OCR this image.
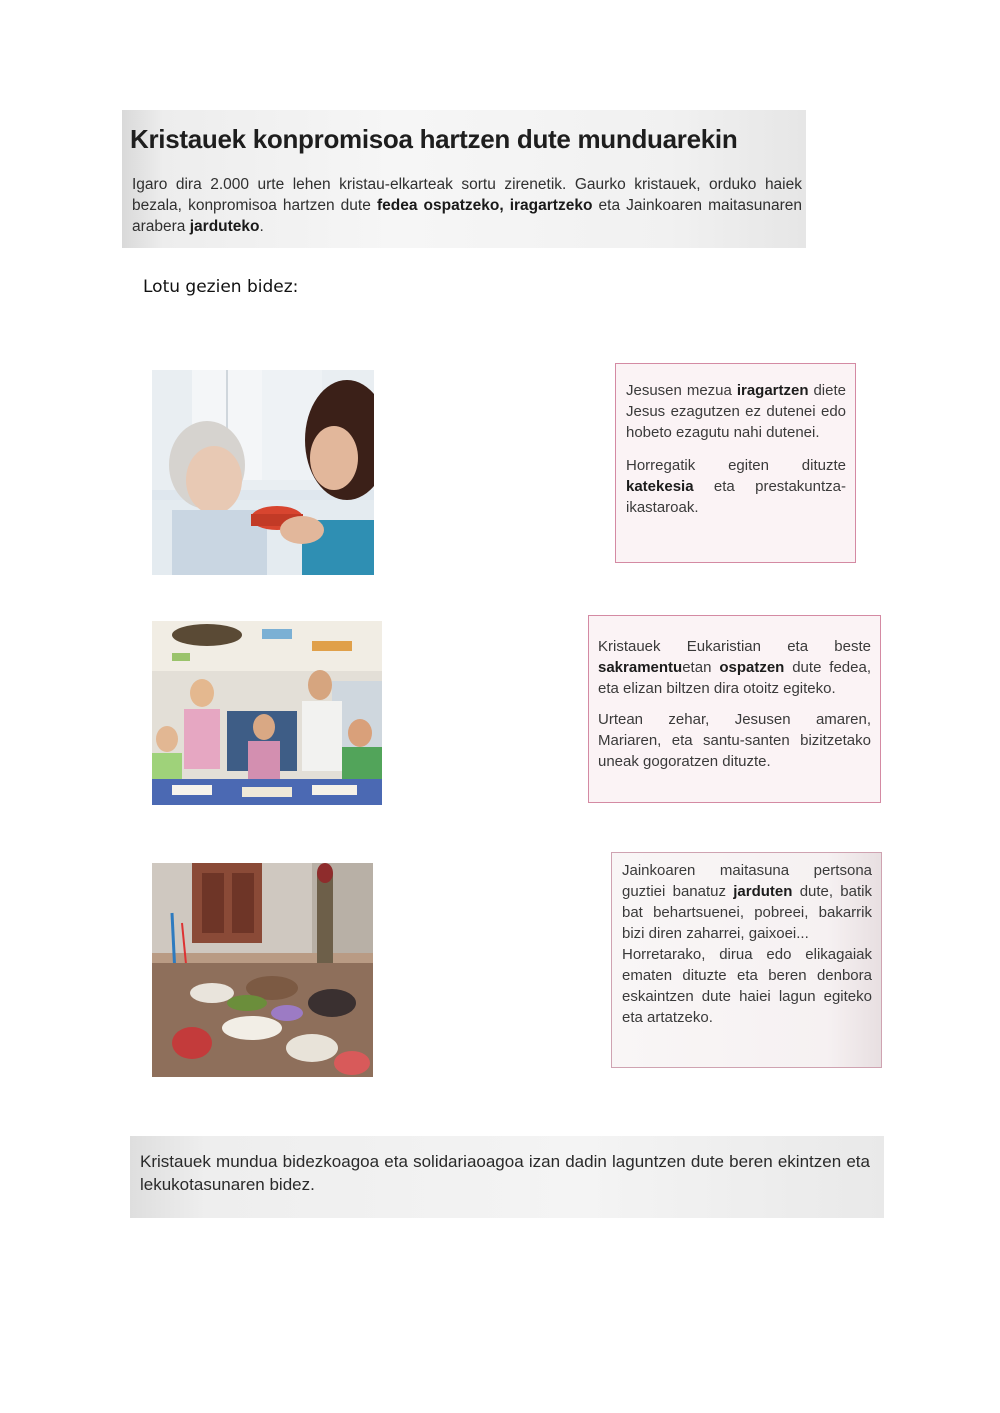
Kristauek konpromisoa hartzen dute munduarekin
Igaro dira 2.000 urte lehen kristau-elkarteak sortu zirenetik. Gaurko kristauek, orduko haiek bezala, konpromisoa hartzen dute fedea ospatzeko, iragartzeko eta Jainkoaren maitasunaren arabera jarduteko.
Lotu gezien bidez:

Jesusen mezua iragartzen diete Jesus ezagutzen ez dutenei edo hobeto ezagutu nahi dutenei.

Horregatik egiten dituzte katekesia eta prestakuntza-ikastaroak.

Kristauek Eukaristian eta beste sakramentuetan ospatzen dute fedea, eta elizan biltzen dira otoitz egiteko.

Urtean zehar, Jesusen amaren, Mariaren, eta santu-santen bizitzetako uneak gogoratzen dituzte.

Jainkoaren maitasuna pertsona guztiei banatuz jarduten dute, batik bat behartsuenei, pobreei, bakarrik bizi diren zaharrei, gaixoei...

Horretarako, dirua edo elikagaiak ematen dituzte eta beren denbora eskaintzen dute haiei lagun egiteko eta artatzeko.

Kristauek mundua bidezkoagoa eta solidariaoagoa izan dadin laguntzen dute beren ekintzen eta lekukotasunaren bidez.
